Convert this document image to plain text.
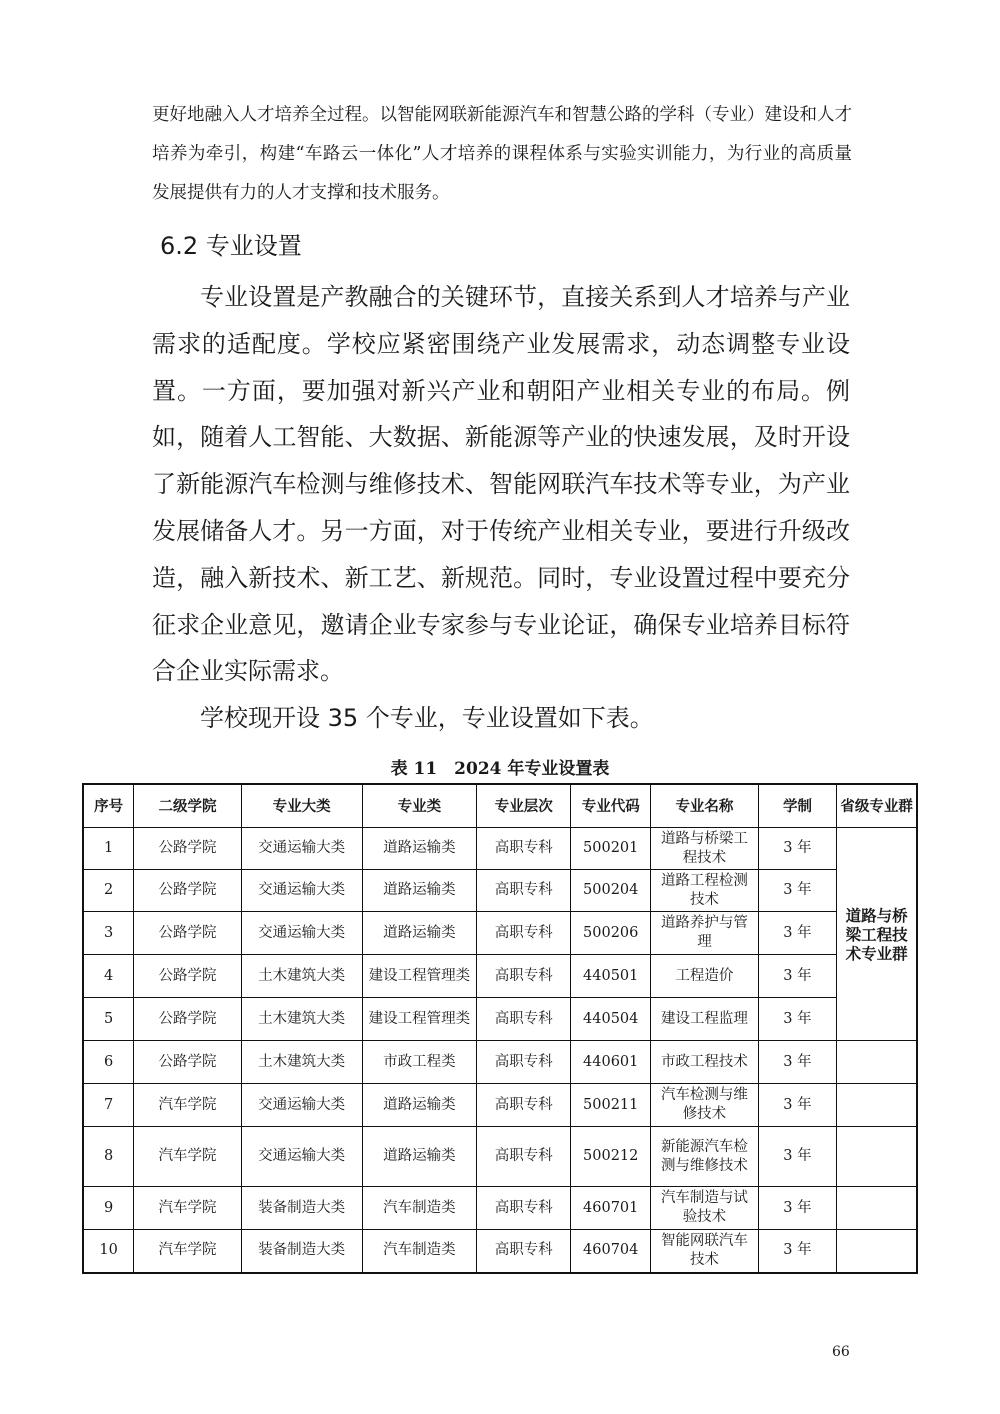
更好地融入人才培养全过程。以智能网联新能源汽车和智慧公路的学科（专业）建设和人才培养为牵引，构建“车路云一体化”人才培养的课程体系与实验实训能力，为行业的高质量发展提供有力的人才支撑和技术服务。

6.2 专业设置

专业设置是产教融合的关键环节，直接关系到人才培养与产业需求的适配度。学校应紧密围绕产业发展需求，动态调整专业设置。一方面，要加强对新兴产业和朝阳产业相关专业的布局。例如，随着人工智能、大数据、新能源等产业的快速发展，及时开设了新能源汽车检测与维修技术、智能网联汽车技术等专业，为产业发展储备人才。另一方面，对于传统产业相关专业，要进行升级改造，融入新技术、新工艺、新规范。同时，专业设置过程中要充分征求企业意见，邀请企业专家参与专业论证，确保专业培养目标符合企业实际需求。

学校现开设 35 个专业，专业设置如下表。

表 11　2024 年专业设置表
序号	二级学院	专业大类	专业类	专业层次	专业代码	专业名称	学制	省级专业群
1	公路学院	交通运输大类	道路运输类	高职专科	500201	道路与桥梁工程技术	3 年	道路与桥梁工程技术专业群
2	公路学院	交通运输大类	道路运输类	高职专科	500204	道路工程检测技术	3 年	
3	公路学院	交通运输大类	道路运输类	高职专科	500206	道路养护与管理	3 年	
4	公路学院	土木建筑大类	建设工程管理类	高职专科	440501	工程造价	3 年	
5	公路学院	土木建筑大类	建设工程管理类	高职专科	440504	建设工程监理	3 年	
6	公路学院	土木建筑大类	市政工程类	高职专科	440601	市政工程技术	3 年	
7	汽车学院	交通运输大类	道路运输类	高职专科	500211	汽车检测与维修技术	3 年	
8	汽车学院	交通运输大类	道路运输类	高职专科	500212	新能源汽车检测与维修技术	3 年	
9	汽车学院	装备制造大类	汽车制造类	高职专科	460701	汽车制造与试验技术	3 年	
10	汽车学院	装备制造大类	汽车制造类	高职专科	460704	智能网联汽车技术	3 年	
66
